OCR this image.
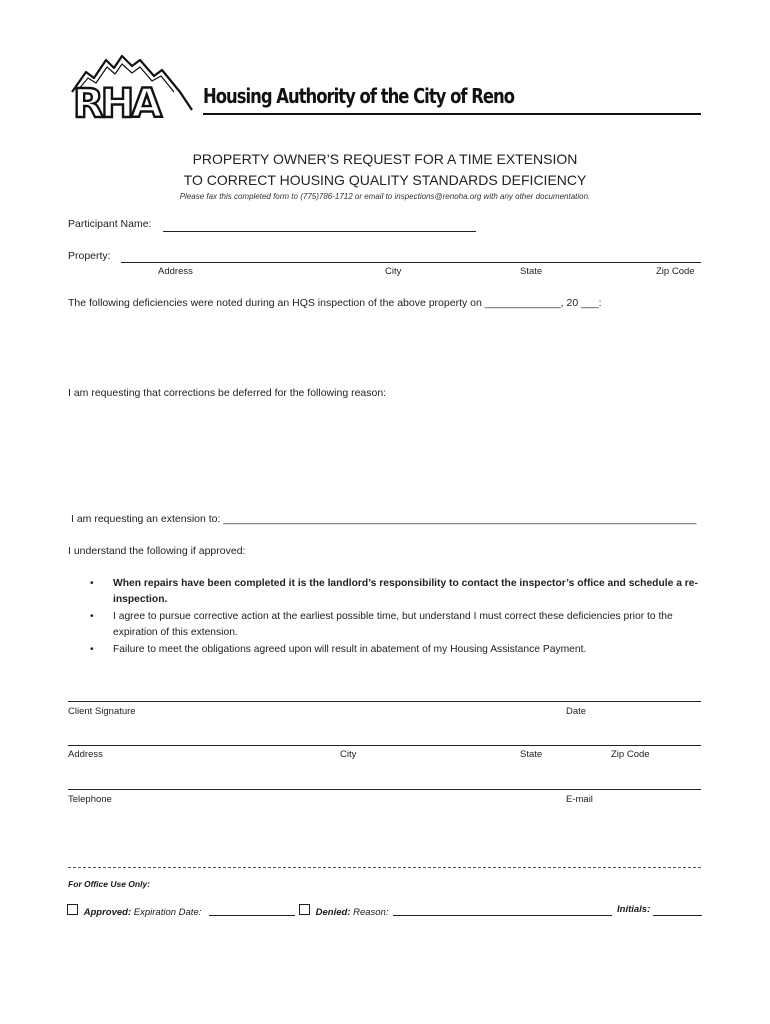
RHA Housing Authority of the City of Reno
PROPERTY OWNER’S REQUEST FOR A TIME EXTENSION
TO CORRECT HOUSING QUALITY STANDARDS DEFICIENCY
Please fax this completed form to (775)786-1712 or email to inspections@renoha.org with any other documentation.
Participant Name:
Property:
Address	City	State	Zip Code
The following deficiencies were noted during an HQS inspection of the above property on _____________, 20 ___:
I am requesting that corrections be deferred for the following reason:
I am requesting an extension to: _________________________________________________________________________________
I understand the following if approved:
• When repairs have been completed it is the landlord’s responsibility to contact the inspector’s office and schedule a re-inspection.
• I agree to pursue corrective action at the earliest possible time, but understand I must correct these deficiencies prior to the expiration of this extension.
• Failure to meet the obligations agreed upon will result in abatement of my Housing Assistance Payment.
Client Signature	Date
Address	City	State	Zip Code
Telephone	E-mail
For Office Use Only:
Approved: Expiration Date:	Denied: Reason:	Initials:
